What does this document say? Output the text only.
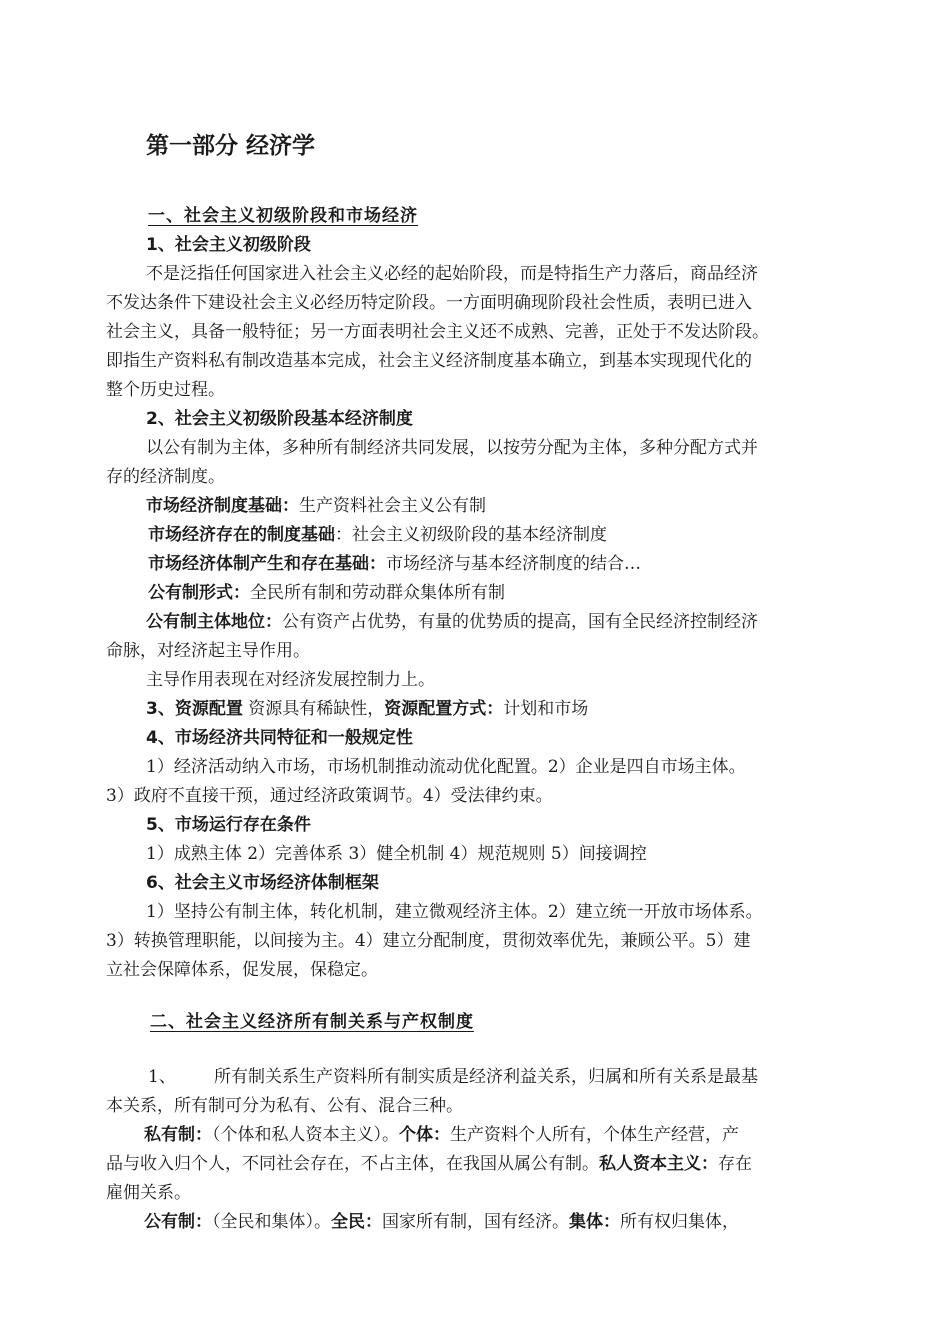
第一部分 经济学
一、社会主义初级阶段和市场经济
1、社会主义初级阶段
不是泛指任何国家进入社会主义必经的起始阶段，而是特指生产力落后，商品经济
不发达条件下建设社会主义必经历特定阶段。一方面明确现阶段社会性质，表明已进入
社会主义，具备一般特征；另一方面表明社会主义还不成熟、完善，正处于不发达阶段。
即指生产资料私有制改造基本完成，社会主义经济制度基本确立，到基本实现现代化的
整个历史过程。
2、社会主义初级阶段基本经济制度
以公有制为主体，多种所有制经济共同发展，以按劳分配为主体，多种分配方式并
存的经济制度。
市场经济制度基础：生产资料社会主义公有制
市场经济存在的制度基础：社会主义初级阶段的基本经济制度
市场经济体制产生和存在基础：市场经济与基本经济制度的结合…
公有制形式：全民所有制和劳动群众集体所有制
公有制主体地位：公有资产占优势，有量的优势质的提高，国有全民经济控制经济
命脉，对经济起主导作用。
主导作用表现在对经济发展控制力上。
3、资源配置 资源具有稀缺性，资源配置方式：计划和市场
4、市场经济共同特征和一般规定性
1）经济活动纳入市场，市场机制推动流动优化配置。2）企业是四自市场主体。
3）政府不直接干预，通过经济政策调节。4）受法律约束。
5、市场运行存在条件
1）成熟主体 2）完善体系 3）健全机制 4）规范规则 5）间接调控
6、社会主义市场经济体制框架
1）坚持公有制主体，转化机制，建立微观经济主体。2）建立统一开放市场体系。
3）转换管理职能，以间接为主。4）建立分配制度，贯彻效率优先，兼顾公平。5）建
立社会保障体系，促发展，保稳定。
二、社会主义经济所有制关系与产权制度
1、 所有制关系生产资料所有制实质是经济利益关系，归属和所有关系是最基
本关系，所有制可分为私有、公有、混合三种。
私有制：（个体和私人资本主义）。个体：生产资料个人所有，个体生产经营，产
品与收入归个人，不同社会存在，不占主体，在我国从属公有制。私人资本主义：存在
雇佣关系。
公有制：（全民和集体）。全民：国家所有制，国有经济。集体：所有权归集体，
